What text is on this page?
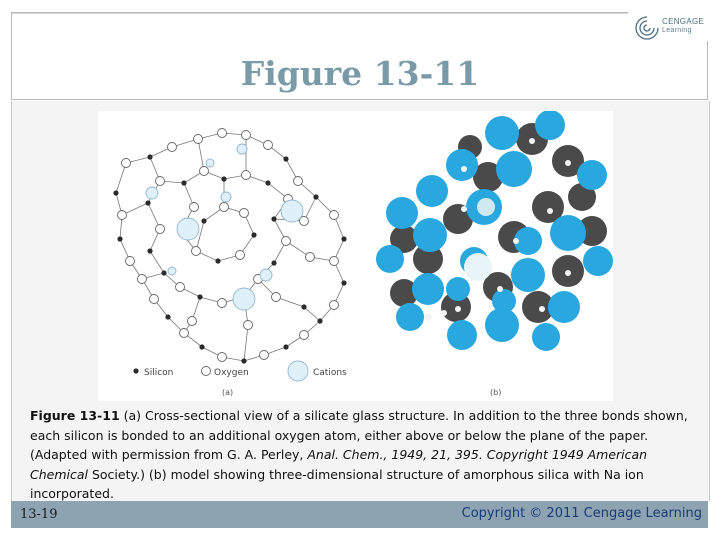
CENGAGE
Learning
Figure 13-11
Silicon	Oxygen	Cations
(a)	(b)
Figure 13-11 (a) Cross-sectional view of a silicate glass structure. In addition to the three bonds shown, each silicon is bonded to an additional oxygen atom, either above or below the plane of the paper. (Adapted with permission from G. A. Perley, Anal. Chem., 1949, 21, 395. Copyright 1949 American Chemical Society.) (b) model showing three-dimensional structure of amorphous silica with Na ion incorporated.
13-19	Copyright © 2011 Cengage Learning
